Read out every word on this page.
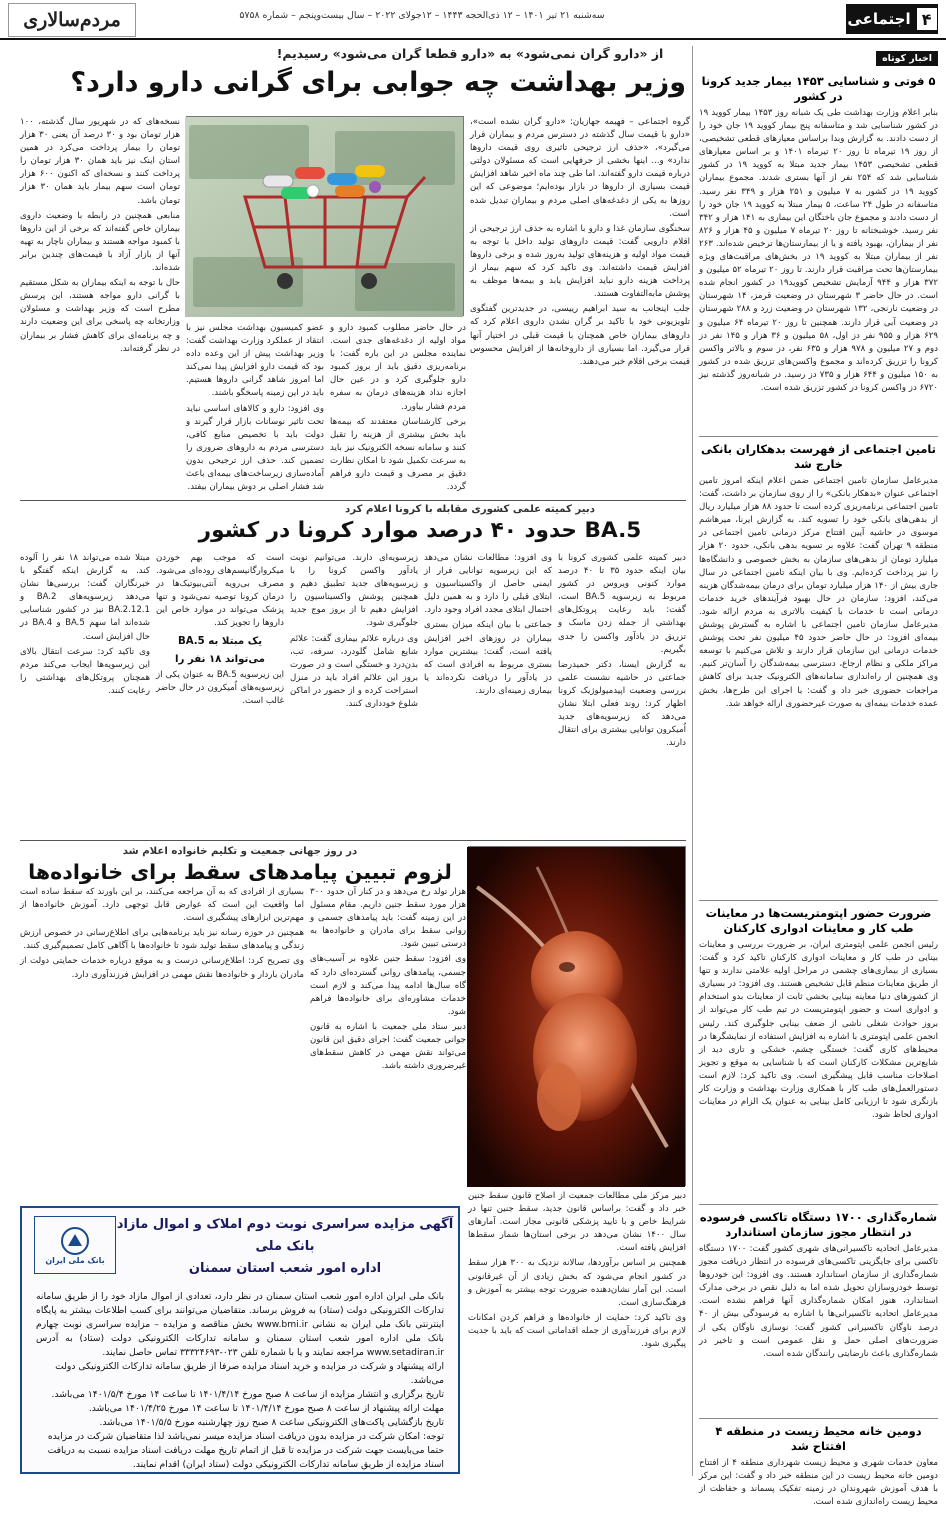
۴
اجتماعی
سه‌شنبه ۲۱ تیر ۱۴۰۱ – ۱۲ ذی‌الحجه ۱۴۴۳ – ۱۲جولای ۲۰۲۲ – سال بیست‌وپنجم – شماره ۵۷۵۸
مردم‌سالاری
اخبار کوتاه
۵ فوتی و شناسایی ۱۴۵۳ بیمار جدید کرونا در کشور
بنابر اعلام وزارت بهداشت طی یک شبانه روز ۱۴۵۳ بیمار کووید ۱۹ در کشور شناسایی شد و متاسفانه پنج بیمار کووید ۱۹ جان خود را از دست دادند. به گزارش وبدا براساس معیارهای قطعی تشخیصی، از روز ۱۹ تیرماه تا روز ۲۰ تیرماه ۱۴۰۱ و بر اساس معیارهای قطعی تشخیصی ۱۴۵۳ بیمار جدید مبتلا به کووید ۱۹ در کشور شناسایی شد که ۲۵۴ نفر از آنها بستری شدند. مجموع بیماران کووید ۱۹ در کشور به ۷ میلیون و ۲۵۱ هزار و ۳۴۹ نفر رسید. متاسفانه در طول ۲۴ ساعت، ۵ بیمار مبتلا به کووید ۱۹ جان خود را از دست دادند و مجموع جان باختگان این بیماری به ۱۴۱ هزار و ۳۴۲ نفر رسید. خوشبختانه تا روز ۲۰ تیرماه ۷ میلیون و ۴۵ هزار و ۸۲۶ نفر از بیماران، بهبود یافته و یا از بیمارستان‌ها ترخیص شده‌اند. ۲۶۳ نفر از بیماران مبتلا به کووید ۱۹ در بخش‌های مراقبت‌های ویژه بیمارستان‌ها تحت مراقبت قرار دارند. تا روز ۲۰ تیرماه ۵۲ میلیون و ۳۷۲ هزار و ۹۴۴ آزمایش تشخیص کووید۱۹ در کشور انجام شده است. در حال حاضر ۳ شهرستان در وضعیت قرمز، ۱۴ شهرستان در وضعیت نارنجی، ۱۳۲ شهرستان در وضعیت زرد و ۲۸۸ شهرستان در وضعیت آبی قرار دارند. همچنین تا روز ۲۰ تیرماه ۶۴ میلیون و ۶۲۹ هزار و ۹۵۵ نفر دز اول، ۵۸ میلیون و ۳۶ هزار و ۱۴۵ نفر دز دوم و ۲۷ میلیون و ۹۷۸ هزار و ۶۳۵ نفر، دز سوم و بالاتر واکسن کرونا را تزریق کرده‌اند و مجموع واکسن‌های تزریق شده در کشور به ۱۵۰ میلیون و ۶۴۴ هزار و ۷۳۵ دز رسید. در شبانه‌روز گذشته نیز ۶۷۲۰ دز واکسن کرونا در کشور تزریق شده است.
تامین اجتماعی از فهرست بدهکاران بانکی خارج شد
مدیرعامل سازمان تامین اجتماعی ضمن اعلام اینکه امروز تامین اجتماعی عنوان «بدهکار بانکی» را از روی سازمان بر داشت، گفت: تامین اجتماعی برنامه‌ریزی کرده است تا حدود ۸۸ هزار میلیارد ریال از بدهی‌های بانکی خود را تسویه کند. به گزارش ایرنا، میرهاشم موسوی در حاشیه آیین افتتاح مرکز درمانی تامین اجتماعی در منطقه ۹ تهران گفت: علاوه بر تسویه بدهی بانکی، حدود ۲۰ هزار میلیارد تومان از بدهی‌های سازمان به بخش خصوصی و دانشگاه‌ها را نیز پرداخت کرده‌ایم. وی با بیان اینکه تامین اجتماعی در سال جاری بیش از ۱۴۰ هزار میلیارد تومان برای درمان بیمه‌شدگان هزینه می‌کند، افزود: سازمان در حال بهبود فرآیندهای خرید خدمات درمانی است تا خدمات با کیفیت بالاتری به مردم ارائه شود. مدیرعامل سازمان تامین اجتماعی با اشاره به گسترش پوشش بیمه‌ای افزود: در حال حاضر حدود ۴۵ میلیون نفر تحت پوشش خدمات درمانی این سازمان قرار دارند و تلاش می‌کنیم با توسعه مراکز ملکی و نظام ارجاع، دسترسی بیمه‌شدگان را آسان‌تر کنیم. وی همچنین از راه‌اندازی سامانه‌های الکترونیک جدید برای کاهش مراجعات حضوری خبر داد و گفت: با اجرای این طرح‌ها، بخش عمده خدمات بیمه‌ای به صورت غیرحضوری ارائه خواهد شد.
ضرورت حضور اپتومتریست‌ها در معاینات طب کار و معاینات ادواری کارکنان
رئیس انجمن علمی اپتومتری ایران، بر ضرورت بررسی و معاینات بینایی در طب کار و معاینات ادواری کارکنان تاکید کرد و گفت: بسیاری از بیماری‌های چشمی در مراحل اولیه علامتی ندارند و تنها از طریق معاینات منظم قابل تشخیص هستند. وی افزود: در بسیاری از کشورهای دنیا معاینه بینایی بخشی ثابت از معاینات بدو استخدام و ادواری است و حضور اپتومتریست در تیم طب کار می‌تواند از بروز حوادث شغلی ناشی از ضعف بینایی جلوگیری کند. رئیس انجمن علمی اپتومتری با اشاره به افزایش استفاده از نمایشگرها در محیط‌های کاری گفت: خستگی چشم، خشکی و تاری دید از شایع‌ترین مشکلات کارکنان است که با شناسایی به موقع و تجویز اصلاحات مناسب قابل پیشگیری است. وی تاکید کرد: لازم است دستورالعمل‌های طب کار با همکاری وزارت بهداشت و وزارت کار بازنگری شود تا ارزیابی کامل بینایی به عنوان یک الزام در معاینات ادواری لحاظ شود.
شماره‌گذاری ۱۷۰۰ دستگاه تاکسی فرسوده در انتظار مجوز سازمان استاندارد
مدیرعامل اتحادیه تاکسیرانی‌های شهری کشور گفت: ۱۷۰۰ دستگاه تاکسی برای جایگزینی تاکسی‌های فرسوده در انتظار دریافت مجوز شماره‌گذاری از سازمان استاندارد هستند. وی افزود: این خودروها توسط خودروسازان تحویل شده اما به دلیل نقص در برخی مدارک استاندارد، هنوز امکان شماره‌گذاری آنها فراهم نشده است. مدیرعامل اتحادیه تاکسیرانی‌ها با اشاره به فرسودگی بیش از ۴۰ درصد ناوگان تاکسیرانی کشور گفت: نوسازی ناوگان یکی از ضرورت‌های اصلی حمل و نقل عمومی است و تاخیر در شماره‌گذاری باعث نارضایتی رانندگان شده است.
دومین خانه محیط زیست در منطقه ۴ افتتاح شد
معاون خدمات شهری و محیط زیست شهرداری منطقه ۴ از افتتاح دومین خانه محیط زیست در این منطقه خبر داد و گفت: این مرکز با هدف آموزش شهروندان در زمینه تفکیک پسماند و حفاظت از محیط زیست راه‌اندازی شده است.
از «دارو گران نمی‌شود» به «دارو قطعا گران می‌شود» رسیدیم!
وزیر بهداشت چه جوابی برای گرانی دارو دارد؟

گروه اجتماعی – فهیمه جهازیان: «دارو گران نشده است»، «دارو با قیمت سال گذشته در دسترس مردم و بیماران قرار می‌گیرد»، «حذف ارز ترجیحی تاثیری روی قیمت داروها ندارد» و... اینها بخشی از حرفهایی است که مسئولان دولتی درباره قیمت دارو گفته‌اند. اما طی چند ماه اخیر شاهد افزایش قیمت بسیاری از داروها در بازار بوده‌ایم؛ موضوعی که این روزها به یکی از دغدغه‌های اصلی مردم و بیماران تبدیل شده است.

سخنگوی سازمان غذا و دارو با اشاره به حذف ارز ترجیحی از اقلام دارویی گفت: قیمت داروهای تولید داخل با توجه به قیمت مواد اولیه و هزینه‌های تولید به‌روز شده و برخی داروها افزایش قیمت داشته‌اند. وی تاکید کرد که سهم بیمار از پرداخت هزینه دارو نباید افزایش یابد و بیمه‌ها موظف به پوشش مابه‌التفاوت هستند.

جلب اینجانب به سید ابراهیم رییسی، در جدیدترین گفتگوی تلویزیونی خود با تاکید بر گران نشدن داروی اعلام کرد که داروهای بیماران خاص همچنان با قیمت قبلی در اختیار آنها قرار می‌گیرد. اما بسیاری از داروخانه‌ها از افزایش محسوس قیمت برخی اقلام خبر می‌دهند.

عضو کمیسیون بهداشت مجلس نیز با انتقاد از عملکرد وزارت بهداشت گفت: وزیر بهداشت پیش از این وعده داده بود که قیمت دارو افزایش پیدا نمی‌کند اما امروز شاهد گرانی داروها هستیم. باید در این زمینه پاسخگو باشند.

وی افزود: دارو و کالاهای اساسی نباید تحت تاثیر نوسانات بازار قرار گیرند و دولت باید با تخصیص منابع کافی، دسترسی مردم به داروهای ضروری را تضمین کند. حذف ارز ترجیحی بدون آماده‌سازی زیرساخت‌های بیمه‌ای باعث شد فشار اصلی بر دوش بیماران بیفتد.

در حال حاضر مطلوب کمبود دارو و مواد اولیه از دغدغه‌های جدی است. نماینده مجلس در این باره گفت: با برنامه‌ریزی دقیق باید از بروز کمبود دارو جلوگیری کرد و در عین حال اجازه نداد هزینه‌های درمان به سفره مردم فشار بیاورد.

برخی کارشناسان معتقدند که بیمه‌ها باید بخش بیشتری از هزینه را تقبل کنند و سامانه نسخه الکترونیک نیز باید به سرعت تکمیل شود تا امکان نظارت دقیق بر مصرف و قیمت دارو فراهم گردد.

نسخه‌های که در شهریور سال گذشته، ۱۰۰ هزار تومان بود و ۳۰ درصد آن یعنی ۳۰ هزار تومان را بیمار پرداخت می‌کرد در همین استان اینک نیز باید همان ۳۰ هزار تومان را پرداخت کنند و نسخه‌ای که اکنون ۶۰۰ هزار تومان است سهم بیمار باید همان ۳۰ هزار تومان باشد.

منابعی همچنین در رابطه با وضعیت داروی بیماران خاص گفته‌اند که برخی از این داروها با کمبود مواجه هستند و بیماران ناچار به تهیه آنها از بازار آزاد با قیمت‌های چندین برابر شده‌اند.

حال با توجه به اینکه بیماران به شکل مستقیم با گرانی دارو مواجه هستند، این پرسش مطرح است که وزیر بهداشت و مسئولان وزارتخانه چه پاسخی برای این وضعیت دارند و چه برنامه‌ای برای کاهش فشار بر بیماران در نظر گرفته‌اند.

دبیر کمیته علمی کشوری مقابله با کرونا اعلام کرد
BA.5 حدود ۴۰ درصد موارد کرونا در کشور

دبیر کمیته علمی کشوری کرونا با بیان اینکه حدود ۳۵ تا ۴۰ درصد موارد کنونی ویروس در کشور مربوط به زیرسویه BA.5 است، گفت: باید رعایت پروتکل‌های بهداشتی از جمله زدن ماسک و تزریق دز یادآور واکسن را جدی بگیریم.

به گزارش ایسنا، دکتر حمیدرضا جماعتی در حاشیه نشست علمی بررسی وضعیت اپیدمیولوژیک کرونا اظهار کرد: روند فعلی ابتلا نشان می‌دهد که زیرسویه‌های جدید اُمیکرون توانایی بیشتری برای انتقال دارند.

وی افزود: مطالعات نشان می‌دهد که این زیرسویه توانایی فرار از ایمنی حاصل از واکسیناسیون و ابتلای قبلی را دارد و به همین دلیل احتمال ابتلای مجدد افراد وجود دارد.

جماعتی با بیان اینکه میزان بستری بیماران در روزهای اخیر افزایش یافته است، گفت: بیشترین موارد بستری مربوط به افرادی است که دز یادآور را دریافت نکرده‌اند یا بیماری زمینه‌ای دارند.

زیرسویه‌ای دارند. می‌توانیم نوبت یادآور واکسن کرونا را با زیرسویه‌های جدید تطبیق دهیم و همچنین پوشش واکسیناسیون را افزایش دهیم تا از بروز موج جدید جلوگیری شود.

وی درباره علائم بیماری گفت: علائم شایع شامل گلودرد، سرفه، تب، بدن‌درد و خستگی است و در صورت بروز این علائم افراد باید در منزل استراحت کرده و از حضور در اماکن شلوغ خودداری کنند.

است که موجب بهم خوردن میکروارگانیسم‌های روده‌ای می‌شود. مصرف بی‌رویه آنتی‌بیوتیک‌ها در درمان کرونا توصیه نمی‌شود و تنها پزشک می‌تواند در موارد خاص این داروها را تجویز کند.

یک مبتلا به BA.5
می‌تواند ۱۸ نفر را

این زیرسویه BA.5 به عنوان یکی از زیرسویه‌های اُمیکرون در حال حاضر غالب است.

مبتلا شده می‌تواند ۱۸ نفر را آلوده کند. به گزارش اینکه گفتگو با خبرنگاران گفت: بررسی‌ها نشان می‌دهد زیرسویه‌های BA.2 و BA.2.12.1 نیز در کشور شناسایی شده‌اند اما سهم BA.5 و BA.4 در حال افزایش است.

وی تاکید کرد: سرعت انتقال بالای این زیرسویه‌ها ایجاب می‌کند مردم همچنان پروتکل‌های بهداشتی را رعایت کنند.

در روز جهانی جمعیت و تکلیم خانواده اعلام شد
لزوم تبیین پیامدهای سقط برای خانواده‌ها

هزار تولد رخ می‌دهد و در کنار آن حدود ۳۰۰ هزار مورد سقط جنین داریم. مقام مسئول در این زمینه گفت: باید پیامدهای جسمی و روانی سقط برای مادران و خانواده‌ها به درستی تبیین شود.

وی افزود: سقط جنین علاوه بر آسیب‌های جسمی، پیامدهای روانی گسترده‌ای دارد که گاه سال‌ها ادامه پیدا می‌کند و لازم است خدمات مشاوره‌ای برای خانواده‌ها فراهم شود.

دبیر ستاد ملی جمعیت با اشاره به قانون جوانی جمعیت گفت: اجرای دقیق این قانون می‌تواند نقش مهمی در کاهش سقط‌های غیرضروری داشته باشد.

بسیاری از افرادی که به آن مراجعه می‌کنند، بر این باورند که سقط ساده است اما واقعیت این است که عوارض قابل توجهی دارد. آموزش خانواده‌ها از مهم‌ترین ابزارهای پیشگیری است.

همچنین در حوزه رسانه نیز باید برنامه‌هایی برای اطلاع‌رسانی در خصوص ارزش زندگی و پیامدهای سقط تولید شود تا خانواده‌ها با آگاهی کامل تصمیم‌گیری کنند.

وی تصریح کرد: اطلاع‌رسانی درست و به موقع درباره خدمات حمایتی دولت از مادران باردار و خانواده‌ها نقش مهمی در افزایش فرزندآوری دارد.

دبیر مرکز ملی مطالعات جمعیت از اصلاح قانون سقط جنین خبر داد و گفت: براساس قانون جدید، سقط جنین تنها در شرایط خاص و با تایید پزشکی قانونی مجاز است. آمارهای سال ۱۴۰۰ نشان می‌دهد در برخی استان‌ها شمار سقط‌ها افزایش یافته است.

همچنین بر اساس برآوردها، سالانه نزدیک به ۳۰۰ هزار سقط در کشور انجام می‌شود که بخش زیادی از آن غیرقانونی است. این آمار نشان‌دهنده ضرورت توجه بیشتر به آموزش و فرهنگ‌سازی است.

وی تاکید کرد: حمایت از خانواده‌ها و فراهم کردن امکانات لازم برای فرزندآوری از جمله اقداماتی است که باید با جدیت پیگیری شود.

بانک ملی ایران
آگهی مزایده سراسری نوبت دوم املاک و اموال مازاد بانک ملی
اداره امور شعب استان سمنان
بانک ملی ایران اداره امور شعب استان سمنان در نظر دارد، تعدادی از اموال مازاد خود را از طریق سامانه تدارکات الکترونیکی دولت (ستاد) به فروش برساند. متقاضیان می‌توانند برای کسب اطلاعات بیشتر به پایگاه اینترنتی بانک ملی ایران به نشانی www.bmi.ir بخش مناقصه و مزایده – مزایده سراسری نوبت چهارم بانک ملی اداره امور شعب استان سمنان و سامانه تدارکات الکترونیکی دولت (ستاد) به آدرس www.setadiran.ir مراجعه نمایند و یا با شماره تلفن ۰۲۳-۳۳۳۲۴۶۹۳ تماس حاصل نمایند.
ارائه پیشنهاد و شرکت در مزایده و خرید اسناد مزایده صرفا از طریق سامانه تدارکات الکترونیکی دولت می‌باشد.
تاریخ برگزاری و انتشار مزایده از ساعت ۸ صبح مورخ ۱۴۰۱/۴/۱۴ تا ساعت ۱۴ مورخ ۱۴۰۱/۵/۴ می‌باشد.
مهلت ارائه پیشنهاد از ساعت ۸ صبح مورخ ۱۴۰۱/۴/۱۴ تا ساعت ۱۴ مورخ ۱۴۰۱/۴/۲۵ می‌باشد.
تاریخ بازگشایی پاکت‌های الکترونیکی ساعت ۸ صبح روز چهارشنبه مورخ ۱۴۰۱/۵/۵ می‌باشد.
توجه: امکان شرکت در مزایده بدون دریافت اسناد مزایده میسر نمی‌باشد لذا متقاضیان شرکت در مزایده حتما می‌بایست جهت شرکت در مزایده تا قبل از اتمام تاریخ مهلت دریافت اسناد مزایده نسبت به دریافت اسناد مزایده از طریق سامانه تدارکات الکترونیکی دولت (ستاد ایران) اقدام نمایند.
